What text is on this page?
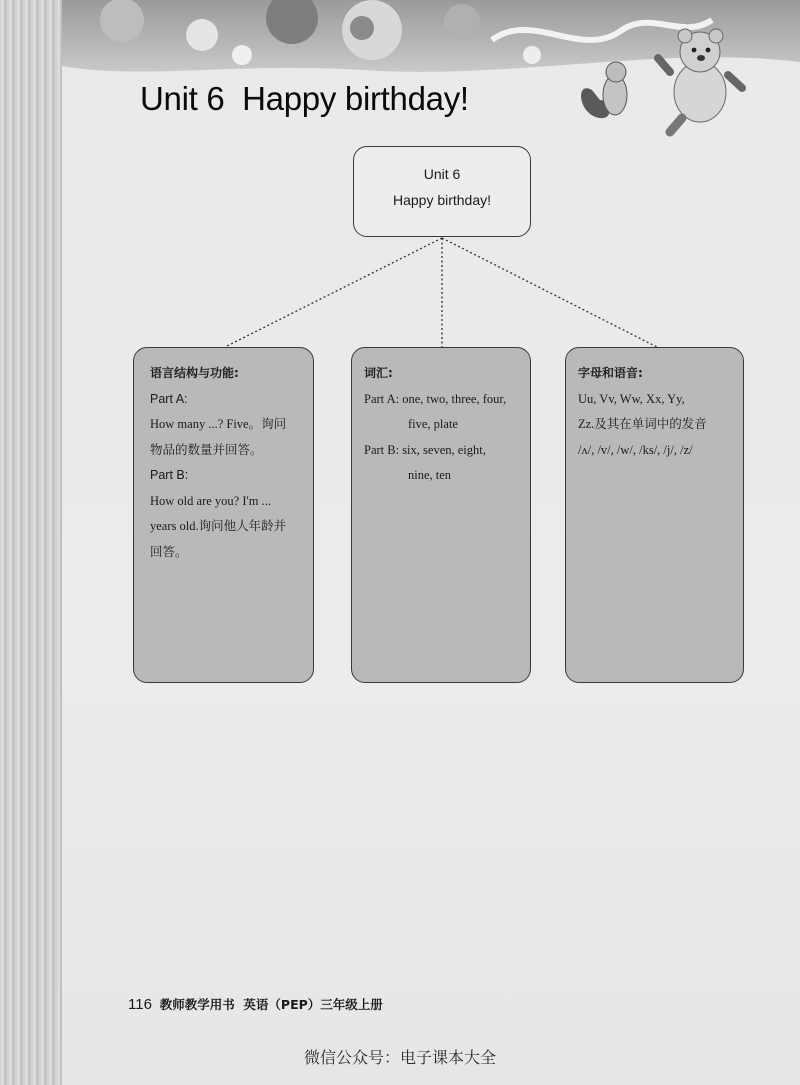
Unit 6  Happy birthday!
Unit 6
Happy birthday!
语言结构与功能:
Part A:
How many ...? Five。询问
物品的数量并回答。
Part B:
How old are you? I'm ...
years old.询问他人年龄并
回答。
词汇:
Part A: one, two, three, four,
five, plate
Part B: six, seven, eight,
nine, ten
字母和语音:
Uu, Vv, Ww, Xx, Yy,
Zz.及其在单词中的发音
/ʌ/, /v/, /w/, /ks/, /j/, /z/
116 教师教学用书  英语（PEP）三年级上册
微信公众号：电子课本大全
